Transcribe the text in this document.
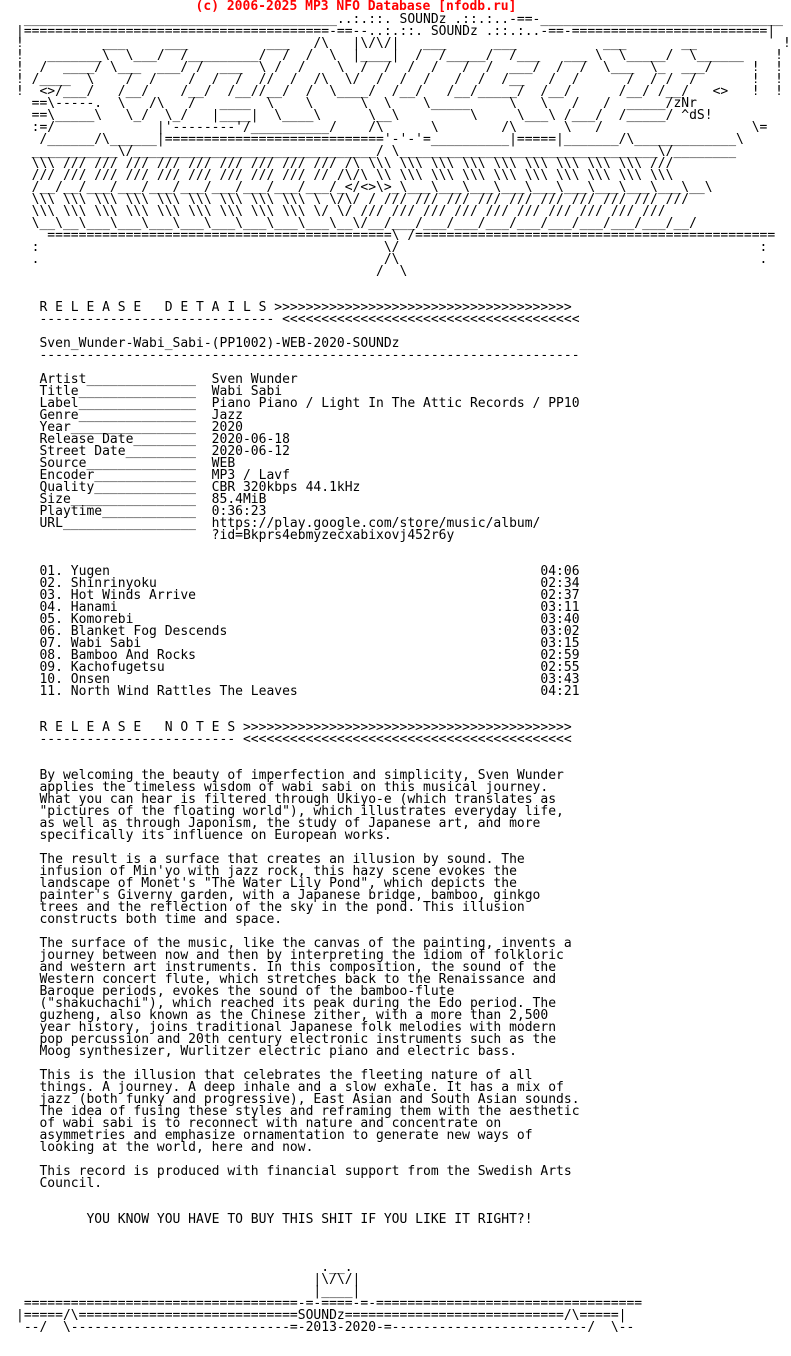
(c) 2006-2025 MP3 NFO Database [nfodb.ru]
________________________________________..:.::. SOUNDz .::.:..-==-_______________________________
|=======================================-==--..:.::. SOUNDz .::.:..-==-=========================|
!          ___     ___          ___   /\   |\/\/|   ___      ___           ___       __           !
!   _______\  \___/  /_________/  /  /  \  |____|  /  /_____/  /___   ___ \  \_____/  \______    !
!  /  ____/ \___  ___/ /  ___  \ /  /    \  /  /  /  /   /  /  ___/  /  /  \___  \_  ___/     !  !
! /____  \    /  /    /  /  /  //  /  /\  \/  /  /  /   /  /  /__   /  /      /  / /  /       !  !
!  <>/___/   /__/    /__/  /__//__/  /  \____/  /__/   /__/_____/  /__/      /__/ /__/   <>   !  !
==\-----.  \   /\   /   ____  \    \      \  \    \_____     \   \   /   /  _____/zNr
==\_____\   \_/  \_/   |____|  \____\      \__\         \     \___\ /___/  /_____/ ^dS!
:=/             |'--------'/__________/    /\      \        /\      \   /                   \=
/______/\______|============================'-'-'=__________|=====|_______/\_____________\
___________\/_______________________________/ \_________________________________\/________
\\\ /// /// /// /// /// /// /// /// /// /\ \\\ \\\ \\\ \\\ \\\ \\\ \\\ \\\ \\\ ///
/// /// /// /// /// /// /// /// /// // /\/\ \\ \\\ \\\ \\\ \\\ \\\ \\\ \\\ \\\ \\\
/__/__/___/___/___/___/___/___/___/___/_</<>\>_\___\___\___\___\___\___\___\___\___\__\
\\\ \\\ \\\ \\\ \\\ \\\ \\\ \\\ \\\ \ \/\/ / /// /// /// /// /// /// /// /// /// ///
\\\ \\\ \\\ \\\ \\\ \\\ \\\ \\\ \\\ \/ \/ /// /// /// /// /// /// /// /// /// ///
\__\__\___\___\___\___\___\___\___\___\__\/__/___/___/___/___/___/___/___/___/___/__/
============================================\ /==============================================
:                                            \/                                              :
.                                            /\                                              .
/  \

R E L E A S E   D E T A I L S >>>>>>>>>>>>>>>>>>>>>>>>>>>>>>>>>>>>>>
------------------------------ <<<<<<<<<<<<<<<<<<<<<<<<<<<<<<<<<<<<<<

Sven_Wunder-Wabi_Sabi-(PP1002)-WEB-2020-SOUNDz
---------------------------------------------------------------------

Artist______________  Sven Wunder
Title_______________  Wabi Sabi
Label_______________  Piano Piano / Light In The Attic Records / PP10
Genre_______________  Jazz
Year________________  2020
Release Date________  2020-06-18
Street Date_________  2020-06-12
Source______________  WEB
Encoder_____________  MP3 / Lavf
Quality_____________  CBR 320kbps 44.1kHz
Size________________  85.4MiB
Playtime____________  0:36:23
URL_________________  https://play.google.com/store/music/album/
?id=Bkprs4ebmyzecxabixovj452r6y

01. Yugen                                                       04:06
02. Shinrinyoku                                                 02:34
03. Hot Winds Arrive                                            02:37
04. Hanami                                                      03:11
05. Komorebi                                                    03:40
06. Blanket Fog Descends                                        03:02
07. Wabi Sabi                                                   03:15
08. Bamboo And Rocks                                            02:59
09. Kachofugetsu                                                02:55
10. Onsen                                                       03:43
11. North Wind Rattles The Leaves                               04:21

R E L E A S E   N O T E S >>>>>>>>>>>>>>>>>>>>>>>>>>>>>>>>>>>>>>>>>>
------------------------- <<<<<<<<<<<<<<<<<<<<<<<<<<<<<<<<<<<<<<<<<<

By welcoming the beauty of imperfection and simplicity, Sven Wunder
applies the timeless wisdom of wabi sabi on this musical journey.
What you can hear is filtered through Ukiyo-e (which translates as
"pictures of the floating world"), which illustrates everyday life,
as well as through Japonism, the study of Japanese art, and more
specifically its influence on European works.

The result is a surface that creates an illusion by sound. The
infusion of Min'yo with jazz rock, this hazy scene evokes the
landscape of Monet's "The Water Lily Pond", which depicts the
painter's Giverny garden, with a Japanese bridge, bamboo, ginkgo
trees and the reflection of the sky in the pond. This illusion
constructs both time and space.

The surface of the music, like the canvas of the painting, invents a
journey between now and then by interpreting the idiom of folkloric
and western art instruments. In this composition, the sound of the
Western concert flute, which stretches back to the Renaissance and
Baroque periods, evokes the sound of the bamboo-flute
("shakuchachi"), which reached its peak during the Edo period. The
guzheng, also known as the Chinese zither, with a more than 2,500
year history, joins traditional Japanese folk melodies with modern
pop percussion and 20th century electronic instruments such as the
Moog synthesizer, Wurlitzer electric piano and electric bass.

This is the illusion that celebrates the fleeting nature of all
things. A journey. A deep inhale and a slow exhale. It has a mix of
jazz (both funky and progressive), East Asian and South Asian sounds.
The idea of fusing these styles and reframing them with the aesthetic
of wabi sabi is to reconnect with nature and concentrate on
asymmetries and emphasize ornamentation to generate new ways of
looking at the world, here and now.

This record is produced with financial support from the Swedish Arts
Council.

YOU KNOW YOU HAVE TO BUY THIS SHIT IF YOU LIKE IT RIGHT?!

.__.
|\/\/|
|____|
===================================-=-====-=-==================================
|=====/\============================SOUNDz============================/\=====|
--/  \----------------------------=-2013-2020-=-------------------------/  \--
